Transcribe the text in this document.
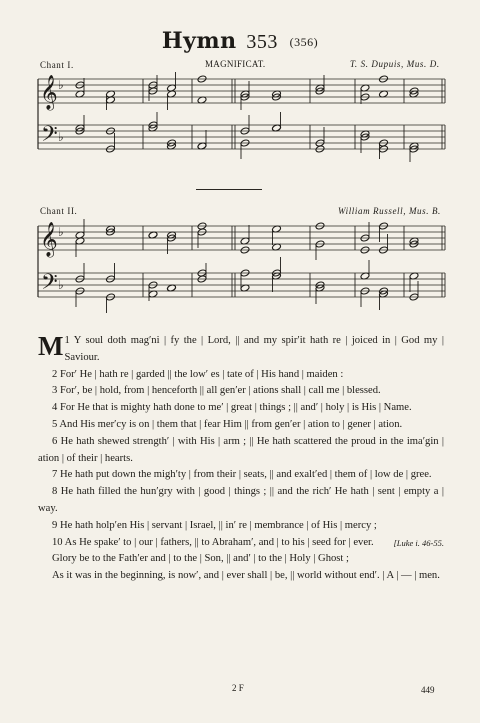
Hymn 353 (356)
Chant I.	MAGNIFICAT.	T. S. Dupuis, Mus. D.
Chant II.	William Russell, Mus. B.
𝄞
𝄢
♭
♭
𝄞
𝄢
♭
♭

1
M Y soul doth mag′ni | fy the | Lord, || and my spir′it hath re | joiced in | God my | Saviour.

2 For′ He | hath re | garded || the low′ es | tate of | His hand | maiden :

3 For′, be | hold, from | henceforth || all gen′er | ations shall | call me | blessed.

4 For He that is mighty hath done to me′ | great | things ; || and′ | holy | is His | Name.

5 And His mer′cy is on | them that | fear Him || from gen′er | ation to | gener | ation.

6 He hath shewed strength′ | with His | arm ; || He hath scattered the proud in the ima′gin | ation | of their | hearts.

7 He hath put down the migh′ty | from their | seats, || and exalt′ed | them of | low de | gree.

8 He hath filled the hun′gry with | good | things ; || and the rich′ He hath | sent | empty a | way.

9 He hath holp′en His | servant | Israel, || in′ re | membrance | of His | mercy ;

10 As He spake′ to | our | fathers, || to Abraham′, and | to his | seed for | ever.	[Luke i. 46-55.

Glory be to the Fath′er and | to the | Son, || and′ | to the | Holy | Ghost ;

As it was in the beginning, is now′, and | ever shall | be, || world without end′. | A | — | men.

2 F	449
